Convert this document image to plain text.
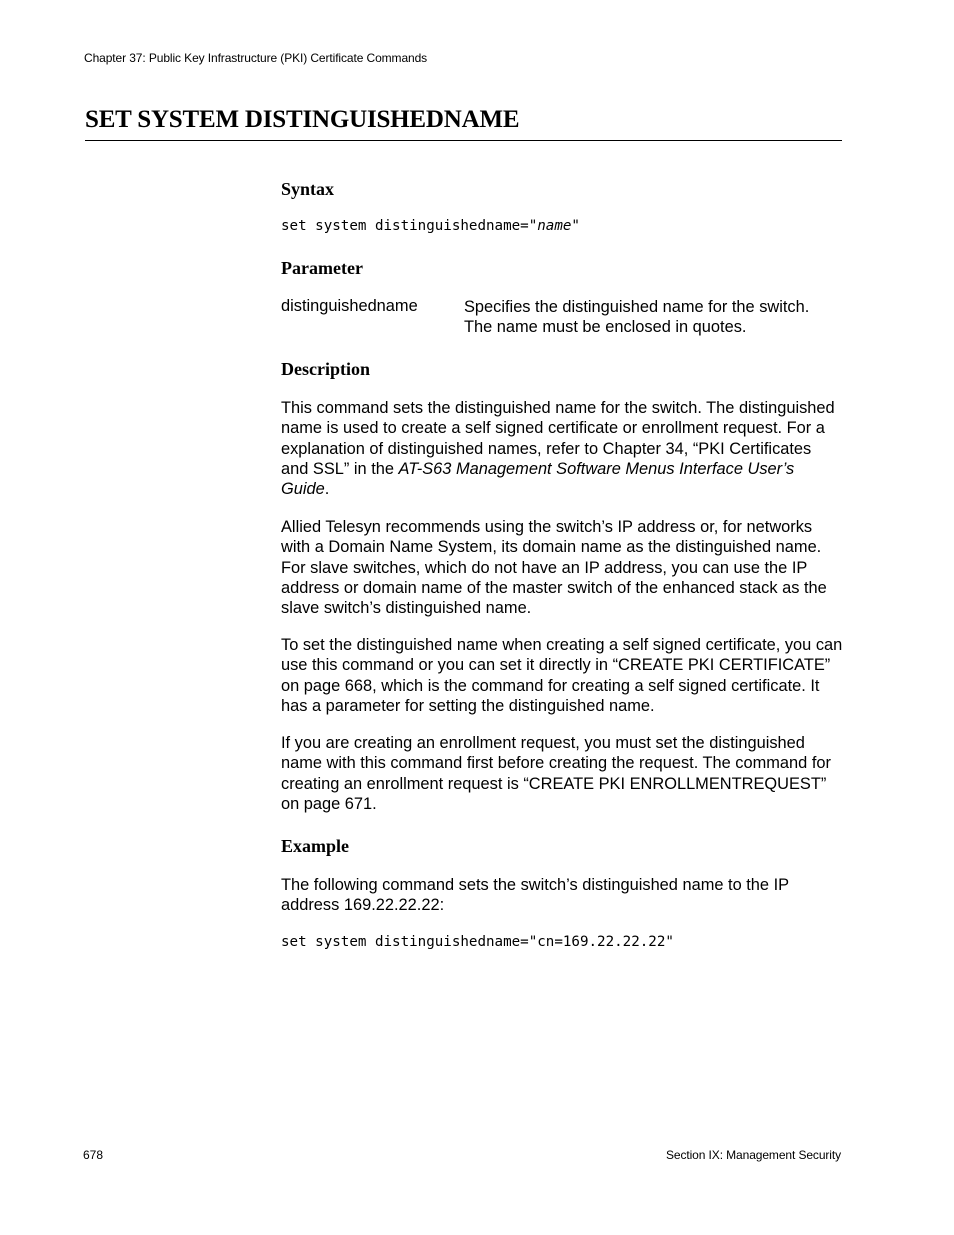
Chapter 37: Public Key Infrastructure (PKI) Certificate Commands
SET SYSTEM DISTINGUISHEDNAME
Syntax
set system distinguishedname="name"
Parameter
distinguishedname	Specifies the distinguished name for the switch.
The name must be enclosed in quotes.
Description

This command sets the distinguished name for the switch. The distinguished name is used to create a self signed certificate or enrollment request. For a explanation of distinguished names, refer to Chapter 34, “PKI Certificates and SSL” in the AT-S63 Management Software Menus Interface User’s Guide.

Allied Telesyn recommends using the switch’s IP address or, for networks with a Domain Name System, its domain name as the distinguished name. For slave switches, which do not have an IP address, you can use the IP address or domain name of the master switch of the enhanced stack as the slave switch’s distinguished name.

To set the distinguished name when creating a self signed certificate, you can use this command or you can set it directly in “CREATE PKI CERTIFICATE” on page 668, which is the command for creating a self signed certificate. It has a parameter for setting the distinguished name.

If you are creating an enrollment request, you must set the distinguished name with this command first before creating the request. The command for creating an enrollment request is “CREATE PKI ENROLLMENTREQUEST” on page 671.

Example

The following command sets the switch’s distinguished name to the IP address 169.22.22.22:

set system distinguishedname="cn=169.22.22.22"
678	Section IX: Management Security
